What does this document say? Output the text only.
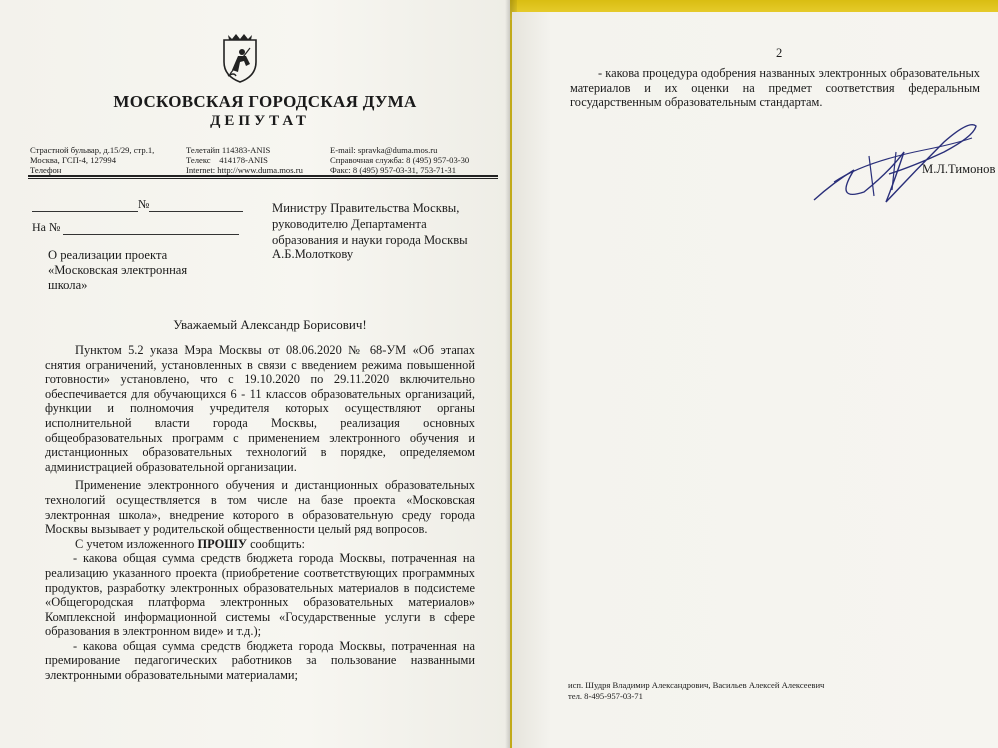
МОСКОВСКАЯ ГОРОДСКАЯ ДУМА
ДЕПУТАТ
Страстной бульвар, д.15/29, стр.1,
Москва, ГСП-4, 127994
Телефон
Телетайп 114383-ANIS
Телекс    414178-ANIS
Internet: http://www.duma.mos.ru
E-mail: spravka@duma.mos.ru
Справочная служба: 8 (495) 957-03-30
Факс: 8 (495) 957-03-31, 753-71-31
№
На №
Министру Правительства Москвы,
руководителю Департамента
образования и науки города Москвы
А.Б.Молоткову
О реализации проекта
«Московская электронная
школа»
Уважаемый Александр Борисович!

Пунктом 5.2 указа Мэра Москвы от 08.06.2020 № 68-УМ «Об этапах снятия ограничений, установленных в связи с введением режима повышенной готовности» установлено, что с 19.10.2020 по 29.11.2020 включительно обеспечивается для обучающихся 6 - 11 классов образовательных организаций, функции и полномочия учредителя которых осуществляют органы исполнительной власти города Москвы, реализация основных общеобразовательных программ с применением электронного обучения и дистанционных образовательных технологий в порядке, определяемом администрацией образовательной организации.

Применение электронного обучения и дистанционных образовательных технологий осуществляется в том числе на базе проекта «Московская электронная школа», внедрение которого в образовательную среду города Москвы вызывает у родительской общественности целый ряд вопросов.

С учетом изложенного ПРОШУ сообщить:

- какова общая сумма средств бюджета города Москвы, потраченная на реализацию указанного проекта (приобретение соответствующих программных продуктов, разработку электронных образовательных материалов в подсистеме «Общегородская платформа электронных образовательных материалов» Комплексной информационной системы «Государственные услуги в сфере образования в электронном виде» и т.д.);

- какова общая сумма средств бюджета города Москвы, потраченная на премирование педагогических работников за пользование названными электронными образовательными материалами;

2

- какова процедура одобрения названных электронных образовательных материалов и их оценки на предмет соответствия федеральным государственным образовательным стандартам.

М.Л.Тимонов
исп. Шудря Владимир Александрович, Васильев Алексей Алексеевич
тел. 8-495-957-03-71
